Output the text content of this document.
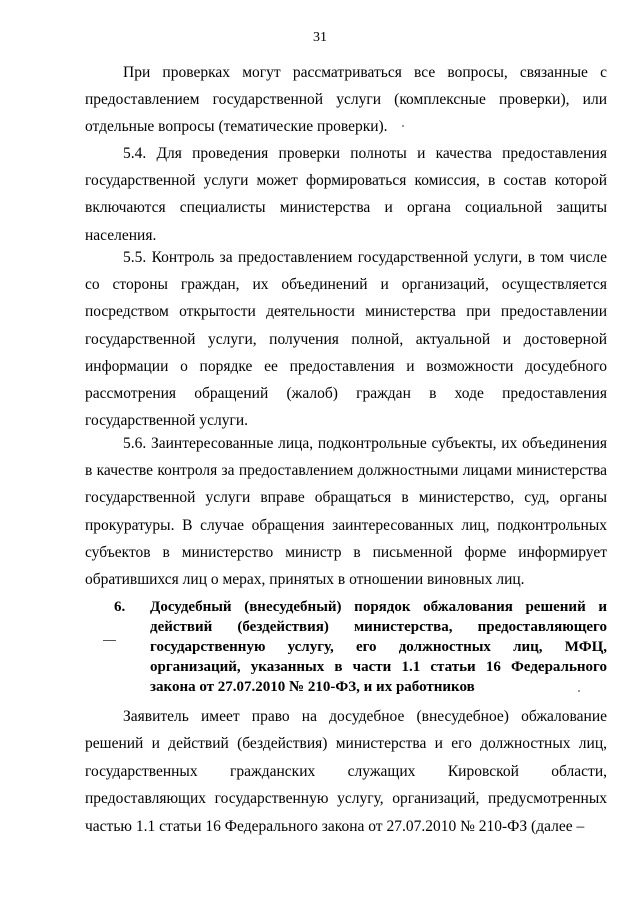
31

При проверках могут рассматриваться все вопросы, связанные с предоставлением государственной услуги (комплексные проверки), или отдельные вопросы (тематические проверки).

5.4. Для проведения проверки полноты и качества предоставления государственной услуги может формироваться комиссия, в состав которой включаются специалисты министерства и органа социальной защиты населения.

5.5. Контроль за предоставлением государственной услуги, в том числе со стороны граждан, их объединений и организаций, осуществляется посредством открытости деятельности министерства при предоставлении государственной услуги, получения полной, актуальной и достоверной информации о порядке ее предоставления и возможности досудебного рассмотрения обращений (жалоб) граждан в ходе предоставления государственной услуги.

5.6. Заинтересованные лица, подконтрольные субъекты, их объединения в качестве контроля за предоставлением должностными лицами министерства государственной услуги вправе обращаться в министерство, суд, органы прокуратуры. В случае обращения заинтересованных лиц, подконтрольных субъектов в министерство министр в письменной форме информирует обратившихся лиц о мерах, принятых в отношении виновных лиц.

6. Досудебный (внесудебный) порядок обжалования решений и действий (бездействия) министерства, предоставляющего государственную услугу, его должностных лиц, МФЦ, организаций, указанных в части 1.1 статьи 16 Федерального закона от 27.07.2010 № 210-ФЗ, и их работников

Заявитель имеет право на досудебное (внесудебное) обжалование решений и действий (бездействия) министерства и его должностных лиц, государственных гражданских служащих Кировской области, предоставляющих государственную услугу, организаций, предусмотренных частью 1.1 статьи 16 Федерального закона от 27.07.2010 № 210-ФЗ (далее –
